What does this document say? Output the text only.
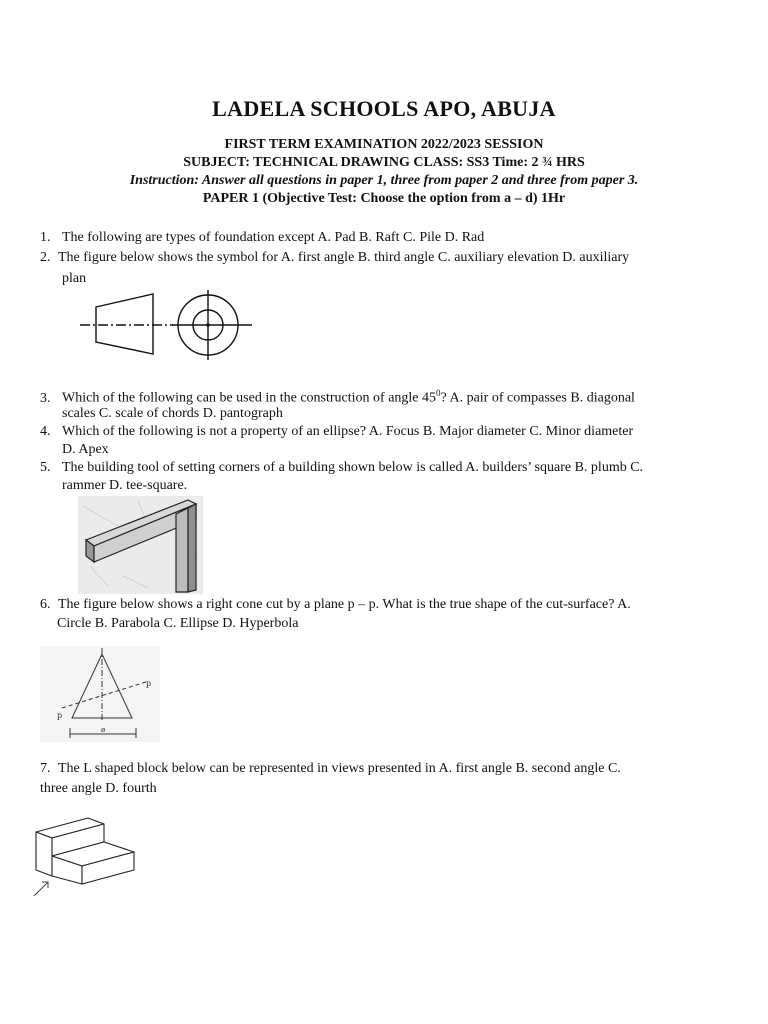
LADELA SCHOOLS APO, ABUJA
FIRST TERM EXAMINATION 2022/2023 SESSION
SUBJECT: TECHNICAL DRAWING CLASS: SS3 Time: 2 ¾ HRS
Instruction: Answer all questions in paper 1, three from paper 2 and three from paper 3.
PAPER 1 (Objective Test: Choose the option from a – d) 1Hr
1. The following are types of foundation except A. Pad B. Raft C. Pile D. Rad
2. The figure below shows the symbol for A. first angle B. third angle C. auxiliary elevation D. auxiliary
plan
3. Which of the following can be used in the construction of angle $45^0$? A. pair of compasses B. diagonal
scales C. scale of chords D. pantograph
4. Which of the following is not a property of an ellipse? A. Focus B. Major diameter C. Minor diameter
D. Apex
5. The building tool of setting corners of a building shown below is called A. builders’ square B. plumb C.
rammer D. tee-square.
6. The figure below shows a right cone cut by a plane p – p. What is the true shape of the cut-surface? A.
Circle B. Parabola C. Ellipse D. Hyperbola
p
p
ø
7. The L shaped block below can be represented in views presented in A. first angle B. second angle C.
three angle D. fourth
